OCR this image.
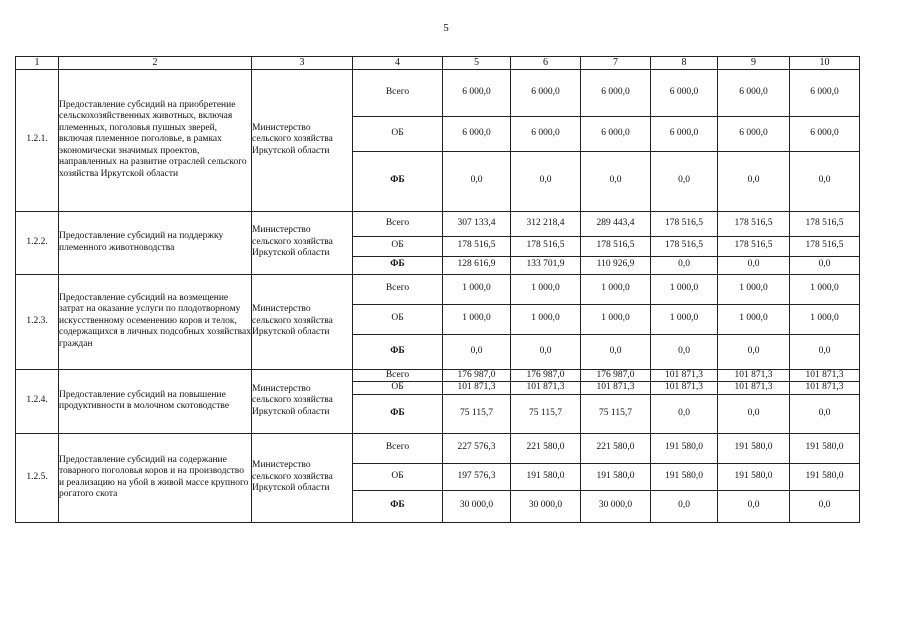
5
1	2	3	4	5	6	7	8	9	10
1.2.1.	Предоставление субсидий на приобретение сельскохозяйственных животных, включая племенных, поголовья пушных зверей, включая племенное поголовье, в рамках экономически значимых проектов, направленных на развитие отраслей сельского хозяйства Иркутской области	Министерство сельского хозяйства Иркутской области	Всего	6 000,0	6 000,0	6 000,0	6 000,0	6 000,0	6 000,0
			ОБ	6 000,0	6 000,0	6 000,0	6 000,0	6 000,0	6 000,0
			ФБ	0,0	0,0	0,0	0,0	0,0	0,0
1.2.2.	Предоставление субсидий на поддержку племенного животноводства	Министерство сельского хозяйства Иркутской области	Всего	307 133,4	312 218,4	289 443,4	178 516,5	178 516,5	178 516,5
			ОБ	178 516,5	178 516,5	178 516,5	178 516,5	178 516,5	178 516,5
			ФБ	128 616,9	133 701,9	110 926,9	0,0	0,0	0,0
1.2.3.	Предоставление субсидий на возмещение затрат на оказание услуги по плодотворному искусственному осеменению коров и телок, содержащихся в личных подсобных хозяйствах граждан	Министерство сельского хозяйства Иркутской области	Всего	1 000,0	1 000,0	1 000,0	1 000,0	1 000,0	1 000,0
			ОБ	1 000,0	1 000,0	1 000,0	1 000,0	1 000,0	1 000,0
			ФБ	0,0	0,0	0,0	0,0	0,0	0,0
1.2.4.	Предоставление субсидий на повышение продуктивности в молочном скотоводстве	Министерство сельского хозяйства Иркутской области	Всего	176 987,0	176 987,0	176 987,0	101 871,3	101 871,3	101 871,3
			ОБ	101 871,3	101 871,3	101 871,3	101 871,3	101 871,3	101 871,3
			ФБ	75 115,7	75 115,7	75 115,7	0,0	0,0	0,0
1.2.5.	Предоставление субсидий на содержание товарного поголовья коров и на производство и реализацию на убой в живой массе крупного рогатого скота	Министерство сельского хозяйства Иркутской области	Всего	227 576,3	221 580,0	221 580,0	191 580,0	191 580,0	191 580,0
			ОБ	197 576,3	191 580,0	191 580,0	191 580,0	191 580,0	191 580,0
			ФБ	30 000,0	30 000,0	30 000,0	0,0	0,0	0,0
